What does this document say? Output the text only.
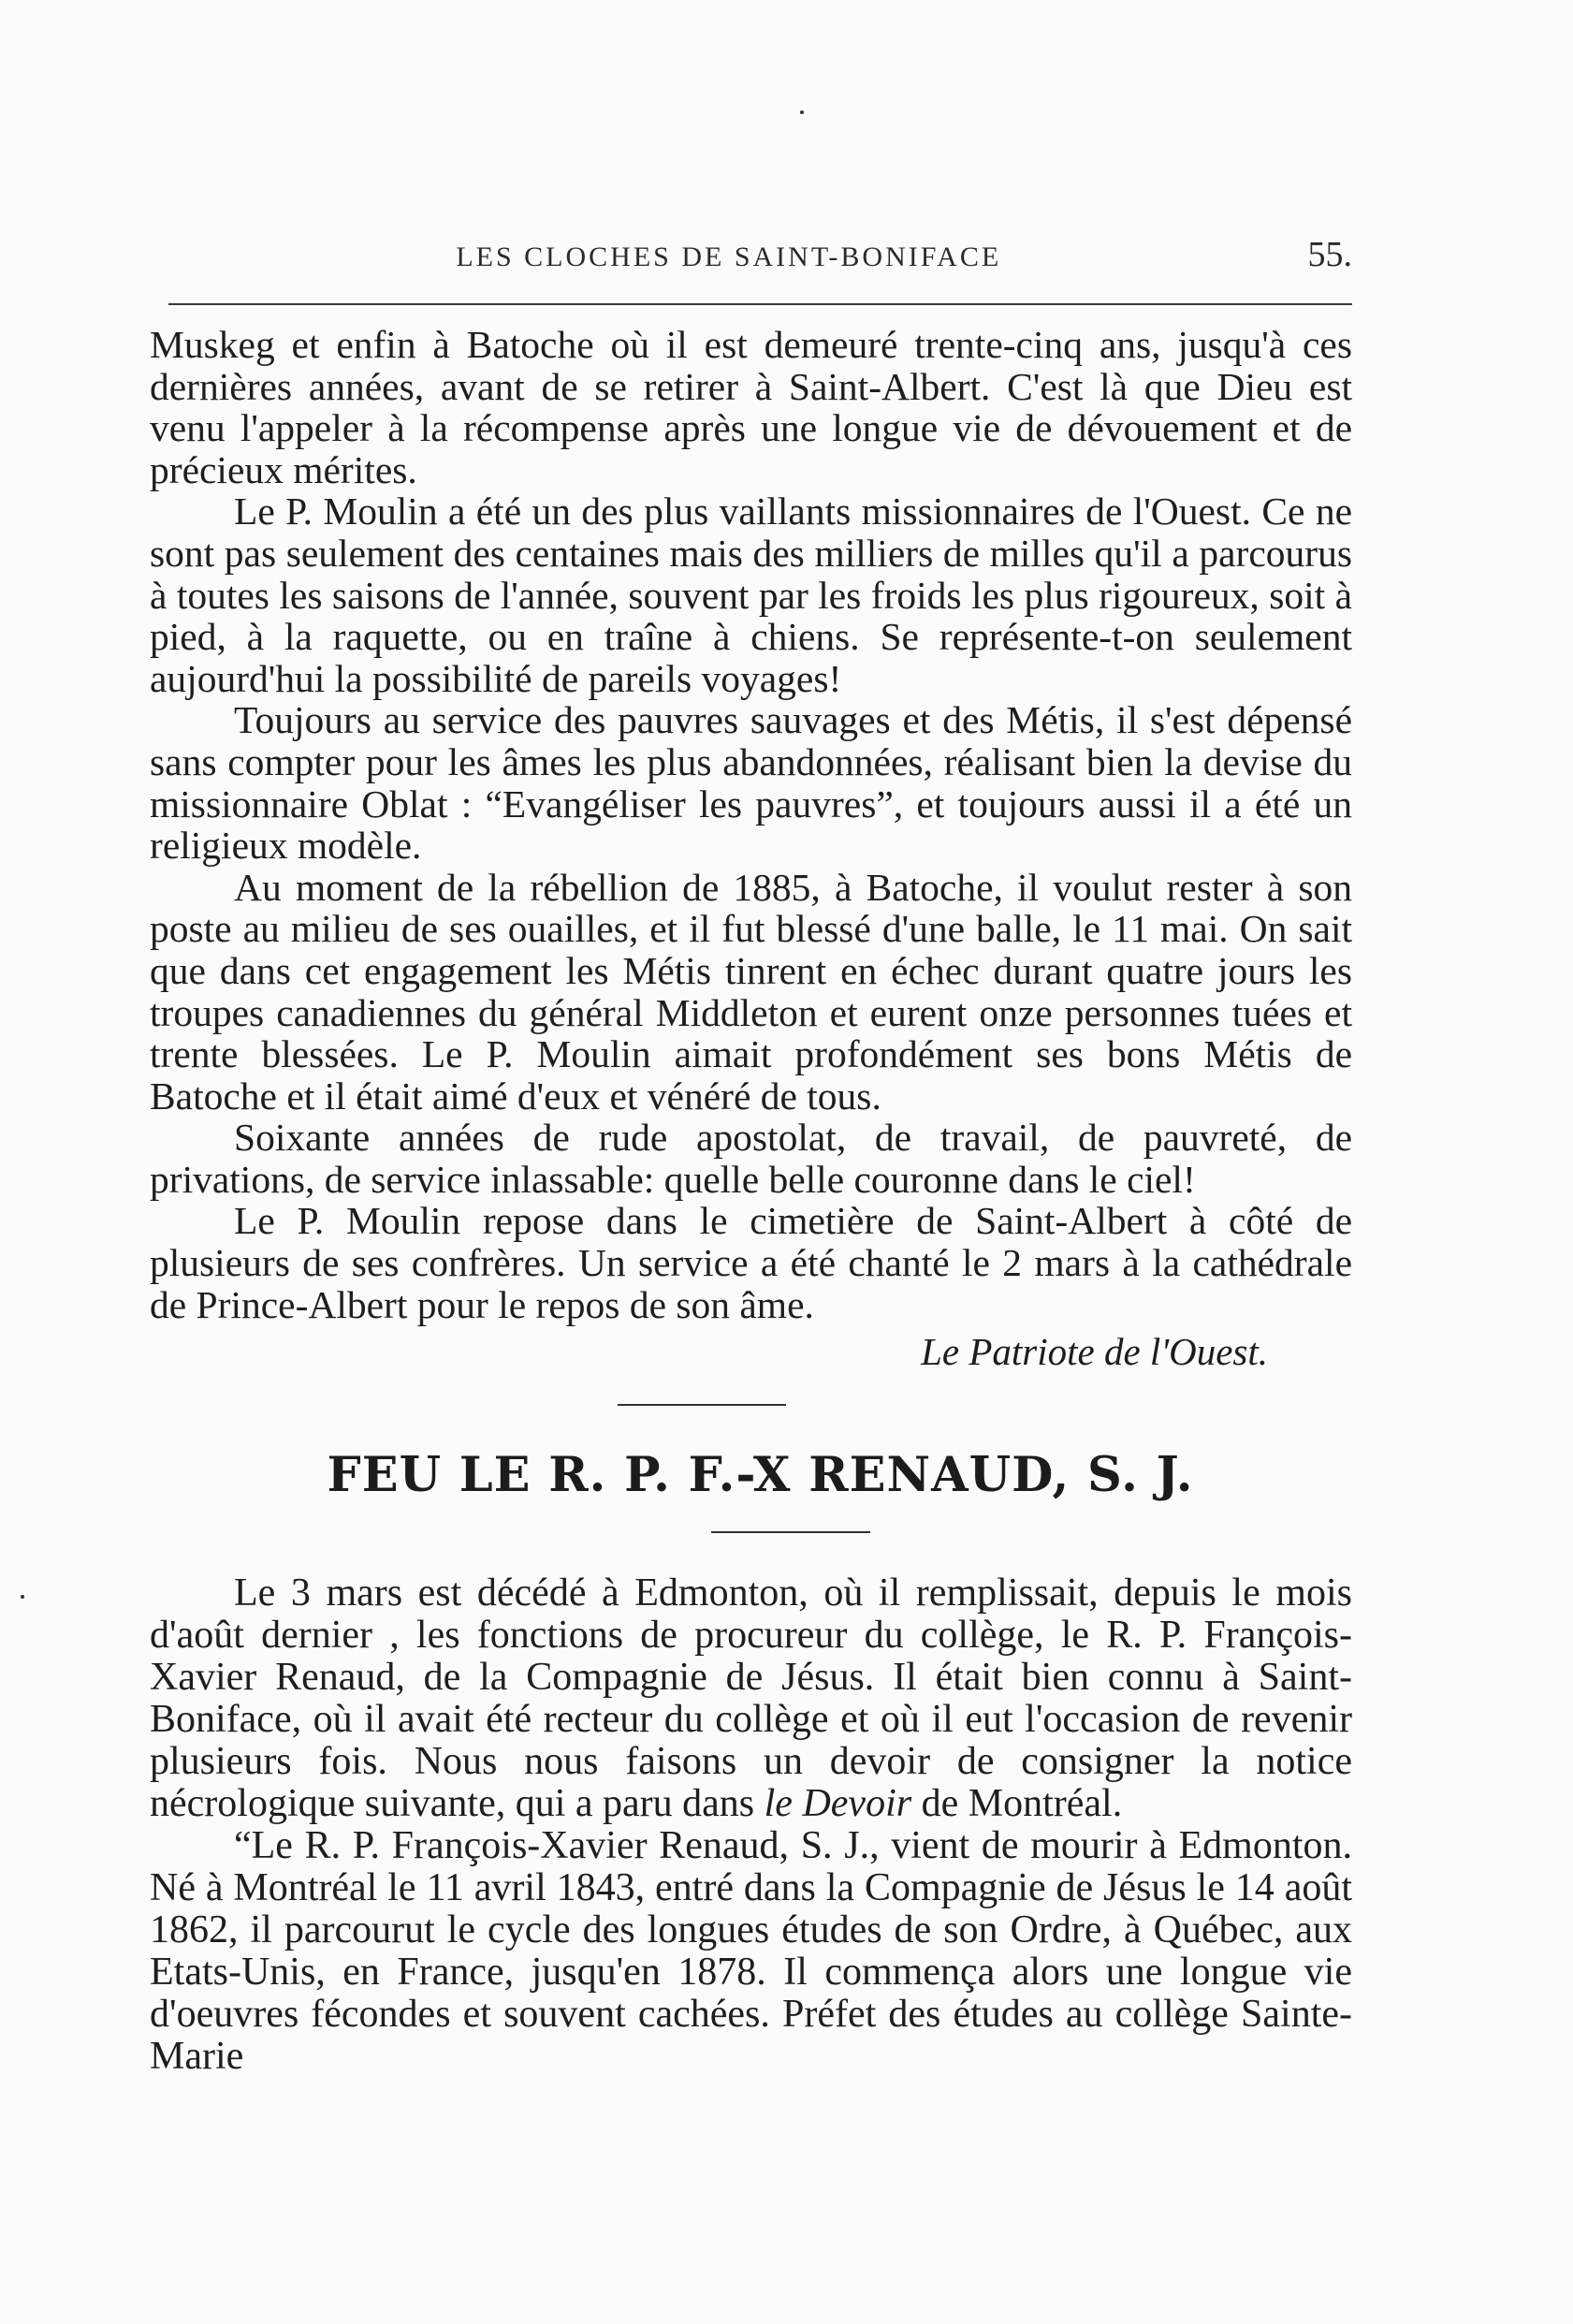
LES CLOCHES DE SAINT-BONIFACE	55.

Muskeg et enfin à Batoche où il est demeuré trente-cinq ans, jusqu'à ces dernières années, avant de se retirer à Saint-Albert. C'est là que Dieu est venu l'appeler à la récompense après une longue vie de dévouement et de précieux mérites.

Le P. Moulin a été un des plus vaillants missionnaires de l'Ouest. Ce ne sont pas seulement des centaines mais des milliers de milles qu'il a parcourus à toutes les saisons de l'année, souvent par les froids les plus rigoureux, soit à pied, à la raquette, ou en traîne à chiens. Se représente-t-on seulement aujourd'hui la possibilité de pareils voyages!

Toujours au service des pauvres sauvages et des Métis, il s'est dépensé sans compter pour les âmes les plus abandonnées, réalisant bien la devise du missionnaire Oblat : “Evangéliser les pauvres”, et toujours aussi il a été un religieux modèle.

Au moment de la rébellion de 1885, à Batoche, il voulut rester à son poste au milieu de ses ouailles, et il fut blessé d'une balle, le 11 mai. On sait que dans cet engagement les Métis tinrent en échec durant quatre jours les troupes canadiennes du général Middleton et eurent onze personnes tuées et trente blessées. Le P. Moulin aimait profondément ses bons Métis de Batoche et il était aimé d'eux et vénéré de tous.

Soixante années de rude apostolat, de travail, de pauvreté, de privations, de service inlassable: quelle belle couronne dans le ciel!

Le P. Moulin repose dans le cimetière de Saint-Albert à côté de plusieurs de ses confrères. Un service a été chanté le 2 mars à la cathédrale de Prince-Albert pour le repos de son âme.

Le Patriote de l'Ouest.
FEU LE R. P. F.-X RENAUD, S. J.

Le 3 mars est décédé à Edmonton, où il remplissait, depuis le mois d'août dernier , les fonctions de procureur du collège, le R. P. François-Xavier Renaud, de la Compagnie de Jésus. Il était bien connu à Saint-Boniface, où il avait été recteur du collège et où il eut l'occasion de revenir plusieurs fois. Nous nous faisons un devoir de consigner la notice nécrologique suivante, qui a paru dans le Devoir de Montréal.

“Le R. P. François-Xavier Renaud, S. J., vient de mourir à Edmonton. Né à Montréal le 11 avril 1843, entré dans la Compagnie de Jésus le 14 août 1862, il parcourut le cycle des longues études de son Ordre, à Québec, aux Etats-Unis, en France, jusqu'en 1878. Il commença alors une longue vie d'oeuvres fécondes et souvent cachées. Préfet des études au collège Sainte-Marie
